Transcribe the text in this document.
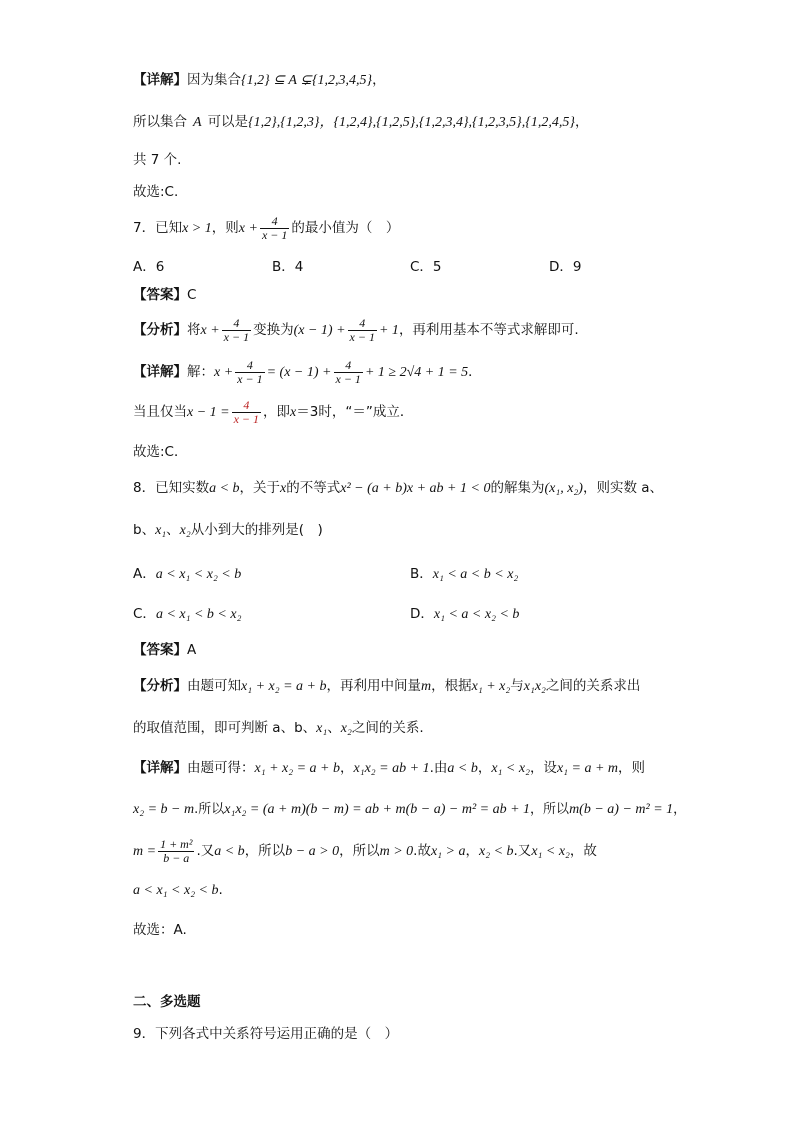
【详解】因为集合{1,2} ⊆ A ⊊{1,2,3,4,5}，
所以集合 A 可以是{1,2},{1,2,3}，{1,2,4},{1,2,5},{1,2,3,4},{1,2,3,5},{1,2,4,5}，
共 7 个.
故选:C.
7．已知x > 1，则$x + \frac{4}{x - 1}$ 的最小值为（　）
A．6	B．4	C．5	D．9
【答案】C
【分析】将$x + \frac{4}{x - 1}$ 变换为$(x - 1) + \frac{4}{x - 1} + 1$，再利用基本不等式求解即可.
【详解】解：$x + \frac{4}{x - 1} = (x - 1) + \frac{4}{x - 1} + 1 \ge 2√4 + 1 = 5$．
当且仅当$x - 1 = \frac{4}{x - 1}$ ，即x＝3时，“＝”成立．
故选:C．
8．已知实数a < b，关于x的不等式x² − (a + b)x + ab + 1 < 0的解集为(x₁, x₂)，则实数 a、
b、x₁、x₂从小到大的排列是(　)
A．a < x₁ < x₂ < b	B．x₁ < a < b < x₂
C．a < x₁ < b < x₂	D．x₁ < a < x₂ < b
【答案】A
【分析】由题可知x₁ + x₂ = a + b，再利用中间量m，根据x₁ + x₂与x₁x₂之间的关系求出
的取值范围，即可判断 a、b、x₁、x₂之间的关系.
【详解】由题可得：x₁ + x₂ = a + b，x₁x₂ = ab + 1.由a < b，x₁ < x₂，设x₁ = a + m，则
x₂ = b − m.所以x₁x₂ = (a + m)(b − m) = ab + m(b − a) − m² = ab + 1，所以m(b − a) − m² = 1，
$m = \frac{\text{1 + m²}}{b - a}$ .又a < b，所以b − a > 0，所以m > 0.故x₁ > a，x₂ < b.又x₁ < x₂，故
a < x₁ < x₂ < b.
故选：A.
二、多选题
9．下列各式中关系符号运用正确的是（　）
